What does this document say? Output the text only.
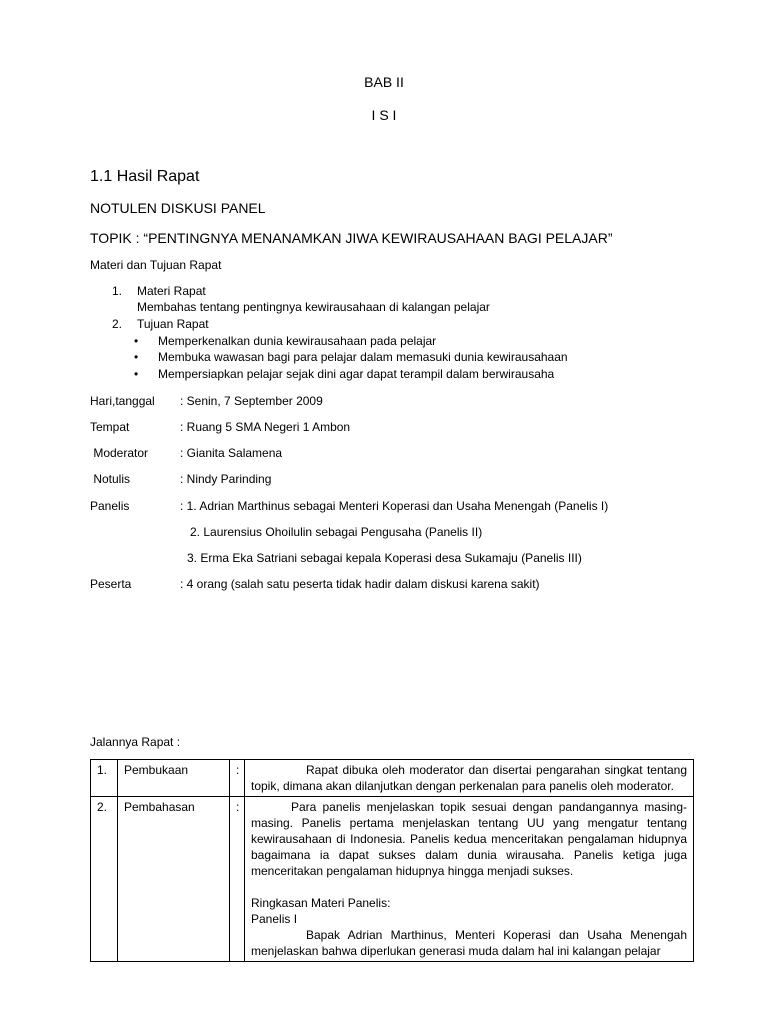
BAB II
I S I
1.1 Hasil Rapat
NOTULEN DISKUSI PANEL
TOPIK : “PENTINGNYA MENANAMKAN JIWA KEWIRAUSAHAAN BAGI PELAJAR”
Materi dan Tujuan Rapat
1. Materi Rapat
Membahas tentang pentingnya kewirausahaan di kalangan pelajar
2. Tujuan Rapat
• Memperkenalkan dunia kewirausahaan pada pelajar
• Membuka wawasan bagi para pelajar dalam memasuki dunia kewirausahaan
• Mempersiapkan pelajar sejak dini agar dapat terampil dalam berwirausaha
Hari,tanggal : Senin, 7 September 2009
Tempat	: Ruang 5 SMA Negeri 1 Ambon
Moderator	: Gianita Salamena
Notulis	: Nindy Parinding
Panelis	: 1. Adrian Marthinus sebagai Menteri Koperasi dan Usaha Menengah (Panelis I)
2. Laurensius Ohoilulin sebagai Pengusaha (Panelis II)
3. Erma Eka Satriani sebagai kepala Koperasi desa Sukamaju (Panelis III)
Peserta	: 4 orang (salah satu peserta tidak hadir dalam diskusi karena sakit)
Jalannya Rapat :
1.	Pembukaan	:	Rapat dibuka oleh moderator dan disertai pengarahan singkat tentang topik, dimana akan dilanjutkan dengan perkenalan para panelis oleh moderator.

2.	Pembahasan	:	Para panelis menjelaskan topik sesuai dengan pandangannya masing-masing. Panelis pertama menjelaskan tentang UU yang mengatur tentang kewirausahaan di Indonesia. Panelis kedua menceritakan pengalaman hidupnya bagaimana ia dapat sukses dalam dunia wirausaha. Panelis ketiga juga menceritakan pengalaman hidupnya hingga menjadi sukses.

Ringkasan Materi Panelis:

Panelis I

Bapak Adrian Marthinus, Menteri Koperasi dan Usaha Menengah menjelaskan bahwa diperlukan generasi muda dalam hal ini kalangan pelajar
